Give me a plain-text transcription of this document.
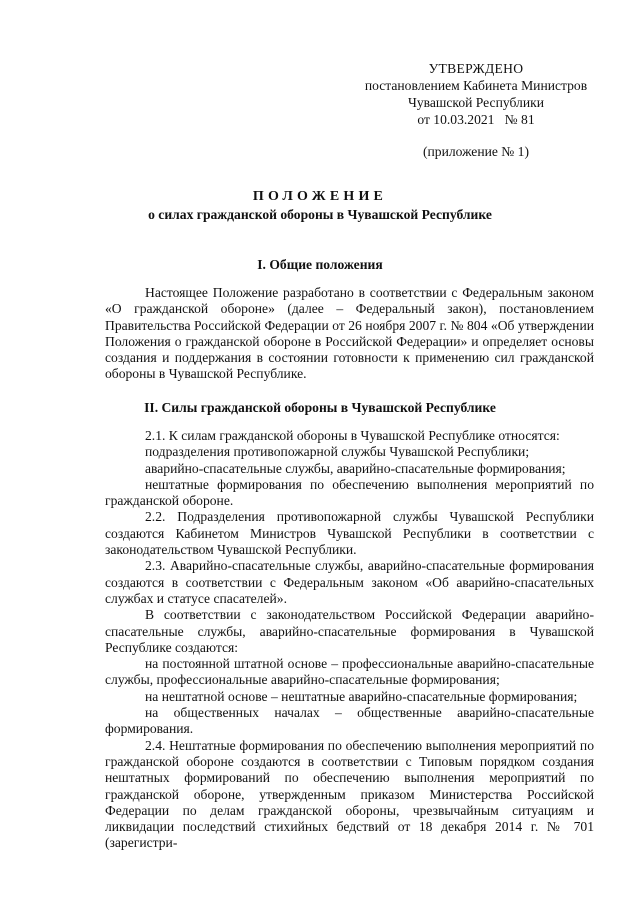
УТВЕРЖДЕНО
постановлением Кабинета Министров
Чувашской Республики
от 10.03.2021   № 81
(приложение № 1)
ПОЛОЖЕНИЕ
о силах гражданской обороны в Чувашской Республике
I. Общие положения

Настоящее Положение разработано в соответствии с Федеральным законом «О гражданской обороне» (далее – Федеральный закон), постановлением Правительства Российской Федерации от 26 ноября 2007 г. № 804 «Об утверждении Положения о гражданской обороне в Российской Федерации» и определяет основы создания и поддержания в состоянии готовности к применению сил гражданской обороны в Чувашской Республике.

II. Силы гражданской обороны в Чувашской Республике

2.1. К силам гражданской обороны в Чувашской Республике относятся:

подразделения противопожарной службы Чувашской Республики;

аварийно-спасательные службы, аварийно-спасательные формирования;

нештатные формирования по обеспечению выполнения мероприятий по гражданской обороне.

2.2. Подразделения противопожарной службы Чувашской Республики создаются Кабинетом Министров Чувашской Республики в соответствии с законодательством Чувашской Республики.

2.3. Аварийно-спасательные службы, аварийно-спасательные формирования создаются в соответствии с Федеральным законом «Об аварийно-спасательных службах и статусе спасателей».

В соответствии с законодательством Российской Федерации аварийно-спасательные службы, аварийно-спасательные формирования в Чувашской Республике создаются:

на постоянной штатной основе – профессиональные аварийно-спасательные службы, профессиональные аварийно-спасательные формирования;

на нештатной основе – нештатные аварийно-спасательные формирования;

на общественных началах – общественные аварийно-спасательные формирования.

2.4. Нештатные формирования по обеспечению выполнения мероприятий по гражданской обороне создаются в соответствии с Типовым порядком создания нештатных формирований по обеспечению выполнения мероприятий по гражданской обороне, утвержденным приказом Министерства Российской Федерации по делам гражданской обороны, чрезвычайным ситуациям и ликвидации последствий стихийных бедствий от 18 декабря 2014 г. № 701 (зарегистри-
